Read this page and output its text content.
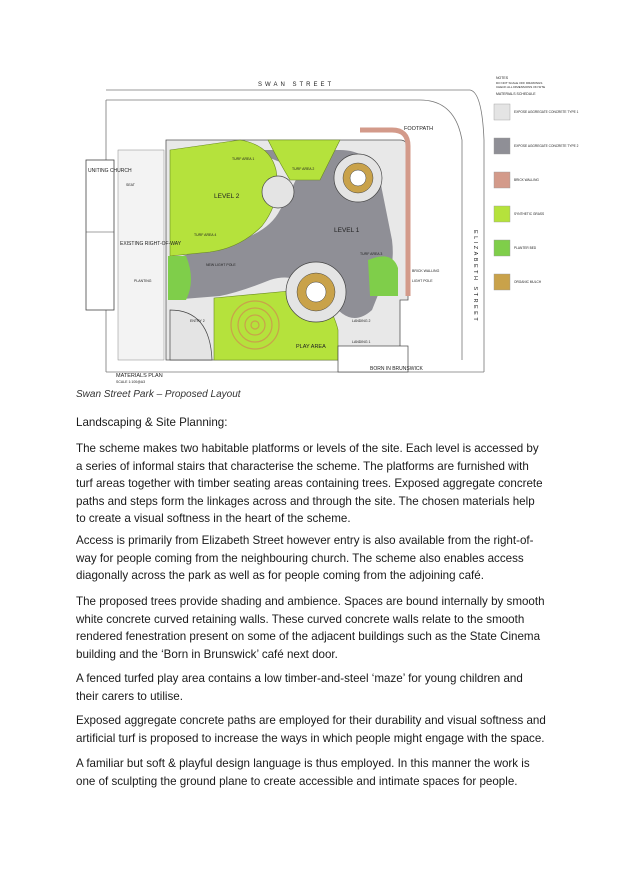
SWAN STREET
ELIZABETH STREET
UNITING CHURCH
EXISTING RIGHT-OF-WAY
LEVEL 1
LEVEL 2
PLAY AREA
FOOTPATH
BORN IN BRUNSWICK
MATERIALS PLAN
SCALE 1:100@A3
TURF AREA 1
TURF AREA 2
TURF AREA 3
TURF AREA 4
ENTRY 2
LANDING 1
LANDING 2
BRICK WALLING
LIGHT POLE
PLANTING
SEAT
NEW LIGHT POLE
NOTES
DO NOT SCALE OFF DRAWINGS
CHECK ALL DIMENSIONS ON SITE
MATERIALS SCHEDULE
EXPOSE AGGREGATE CONCRETE TYPE 1
EXPOSE AGGREGATE CONCRETE TYPE 2
BRICK WALLING
SYNTHETIC GRASS
PLANTER BED
ORGANIC MULCH
Swan Street Park – Proposed Layout

Landscaping & Site Planning:

The scheme makes two habitable platforms or levels of the site. Each level is accessed by a series of informal stairs that characterise the scheme. The platforms are furnished with turf areas together with timber seating areas containing trees. Exposed aggregate concrete paths and steps form the linkages across and through the site. The chosen materials help to create a visual softness in the heart of the scheme.

Access is primarily from Elizabeth Street however entry is also available from the right-of-way for people coming from the neighbouring church. The scheme also enables access diagonally across the park as well as for people coming from the adjoining café.

The proposed trees provide shading and ambience. Spaces are bound internally by smooth white concrete curved retaining walls. These curved concrete walls relate to the smooth rendered fenestration present on some of the adjacent buildings such as the State Cinema building and the ‘Born in Brunswick’ café next door.

A fenced turfed play area contains a low timber-and-steel ‘maze’ for young children and their carers to utilise.

Exposed aggregate concrete paths are employed for their durability and visual softness and artificial turf is proposed to increase the ways in which people might engage with the space.

A familiar but soft & playful design language is thus employed. In this manner the work is one of sculpting the ground plane to create accessible and intimate spaces for people.
